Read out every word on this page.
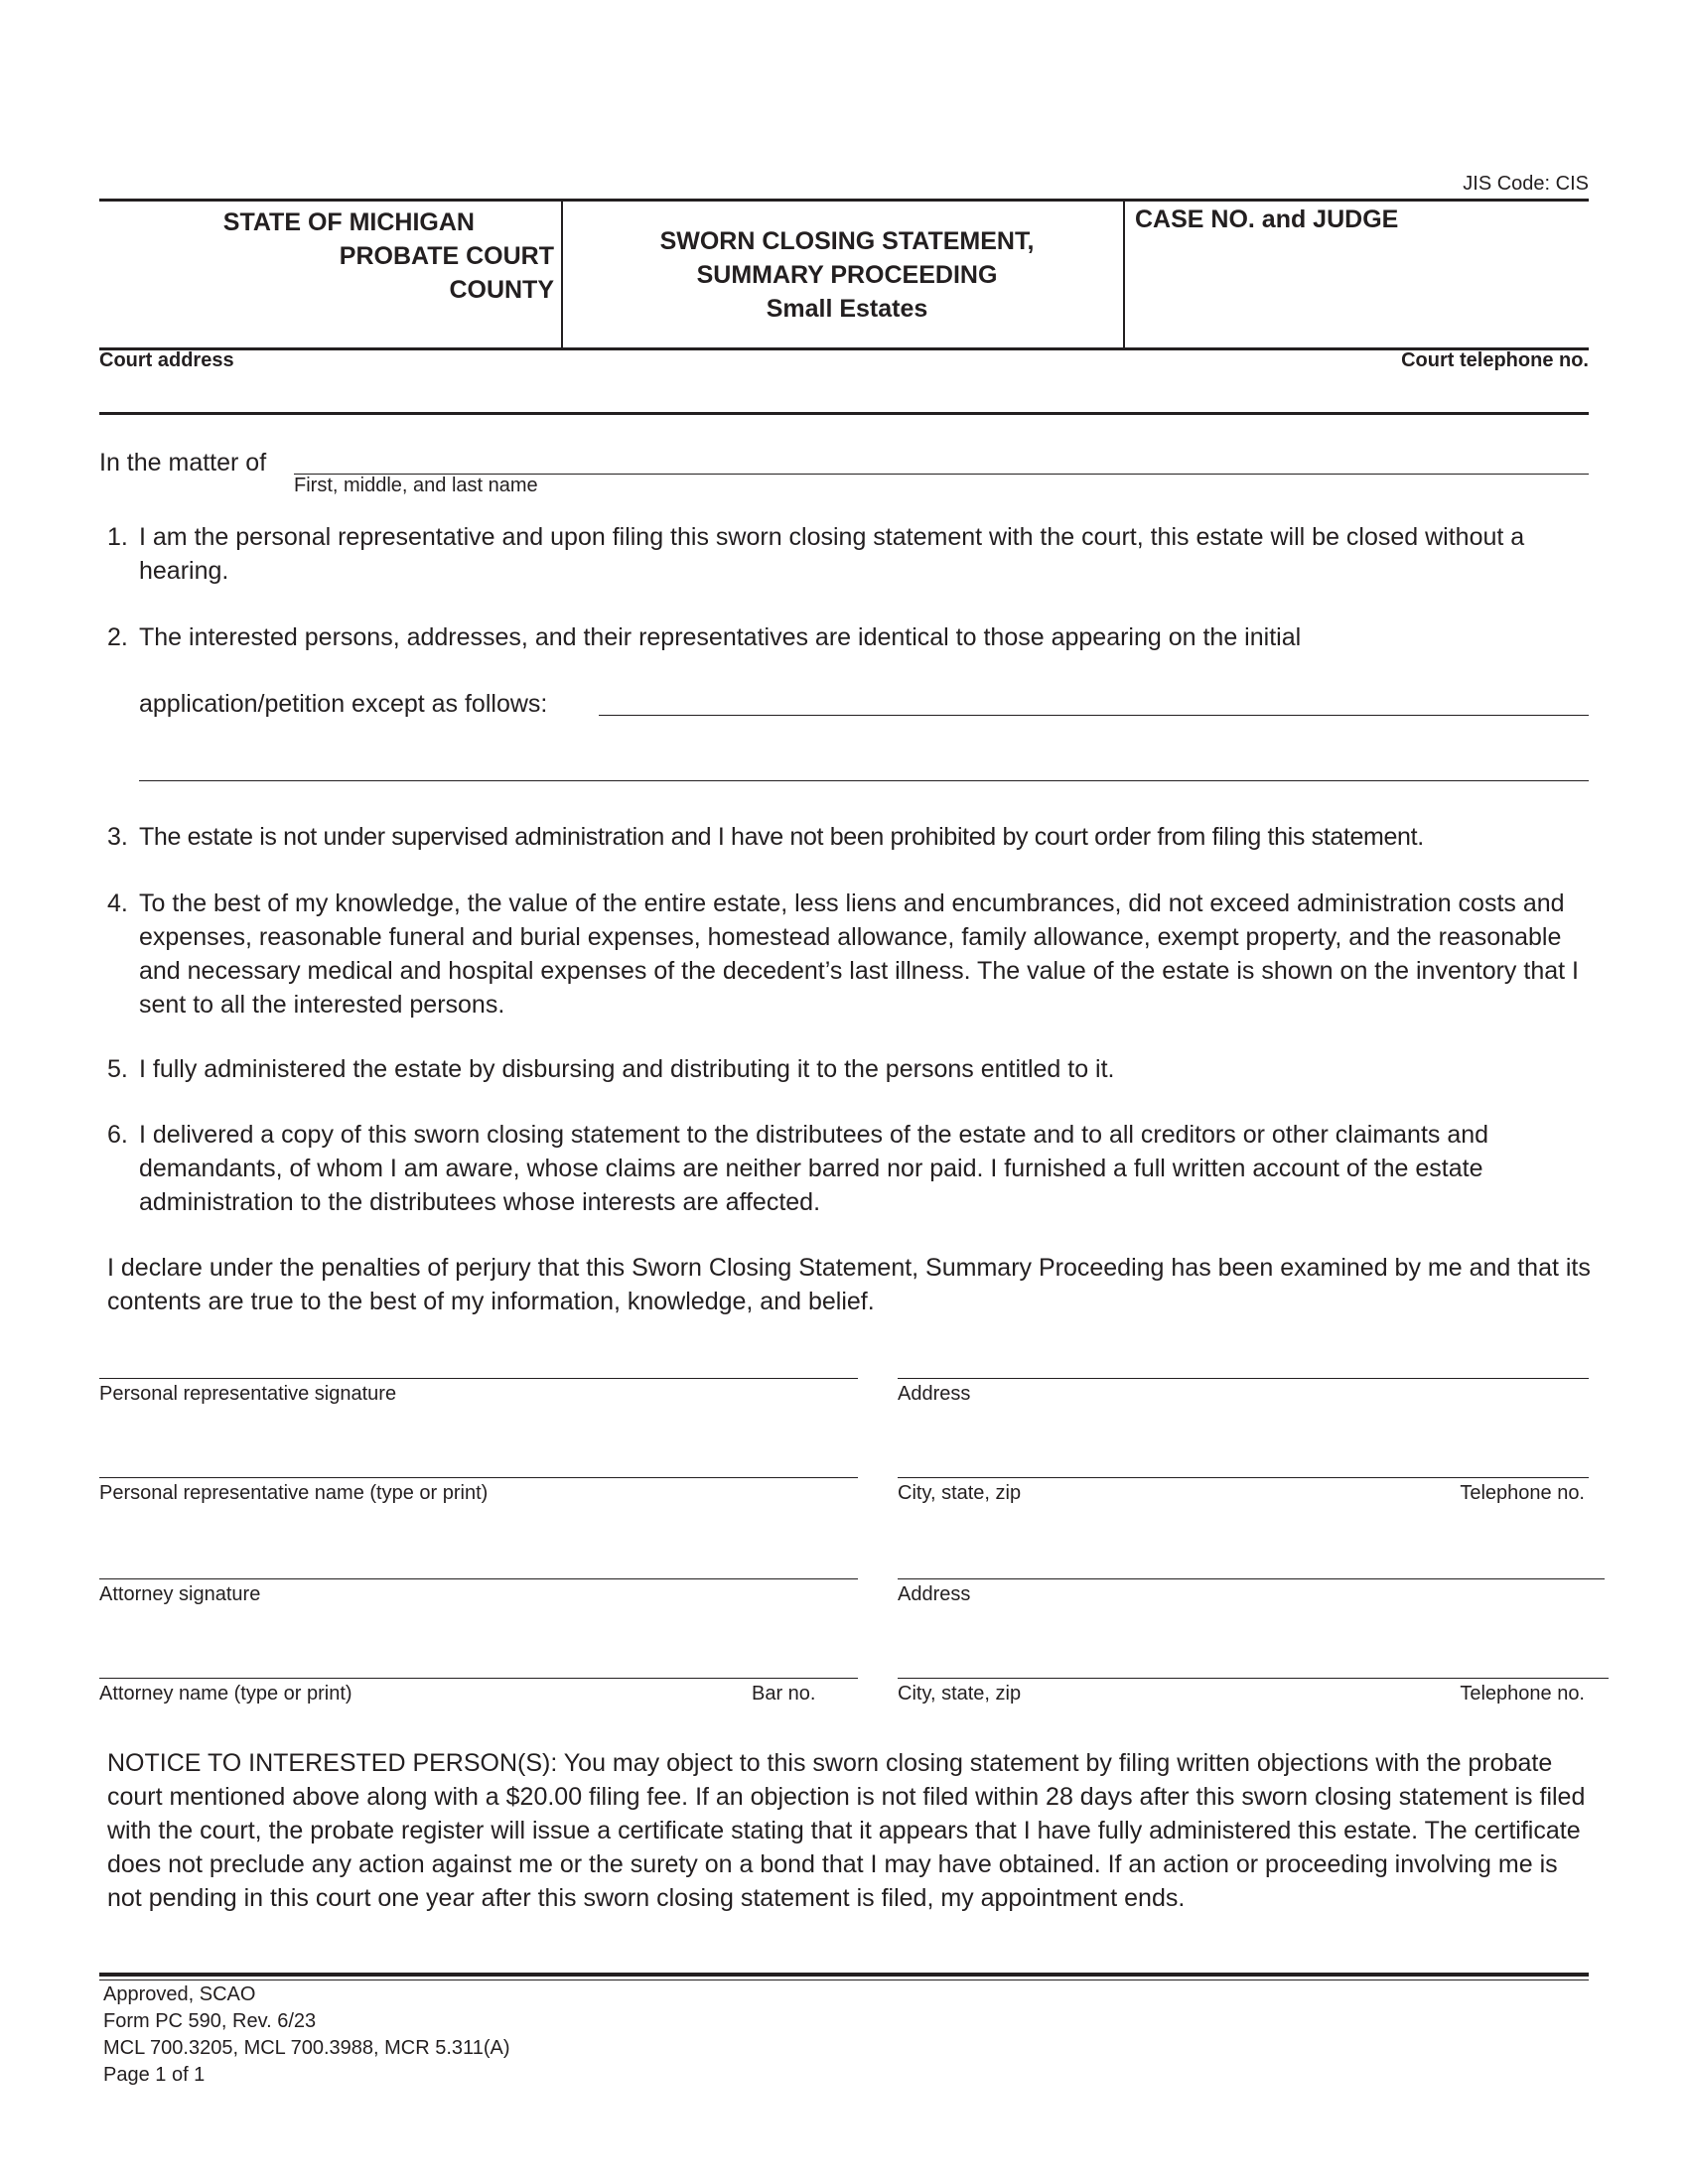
JIS Code: CIS
STATE OF MICHIGAN
PROBATE COURT
COUNTY
SWORN CLOSING STATEMENT,
SUMMARY PROCEEDING
Small Estates
CASE NO. and JUDGE
Court address	Court telephone no.
In the matter of
First, middle, and last name
1. I am the personal representative and upon filing this sworn closing statement with the court, this estate will be closed without a hearing.
2. The interested persons, addresses, and their representatives are identical to those appearing on the initial
application/petition except as follows:
3. The estate is not under supervised administration and I have not been prohibited by court order from filing this statement.
4. To the best of my knowledge, the value of the entire estate, less liens and encumbrances, did not exceed administration costs and expenses, reasonable funeral and burial expenses, homestead allowance, family allowance, exempt property, and the reasonable and necessary medical and hospital expenses of the decedent’s last illness. The value of the estate is shown on the inventory that I sent to all the interested persons.
5. I fully administered the estate by disbursing and distributing it to the persons entitled to it.
6. I delivered a copy of this sworn closing statement to the distributees of the estate and to all creditors or other claimants and demandants, of whom I am aware, whose claims are neither barred nor paid. I furnished a full written account of the estate administration to the distributees whose interests are affected.
I declare under the penalties of perjury that this Sworn Closing Statement, Summary Proceeding has been examined by me and that its contents are true to the best of my information, knowledge, and belief.
Personal representative signature	Address
Personal representative name (type or print)	City, state, zip	Telephone no.
Attorney signature	Address
Attorney name (type or print)	Bar no.	City, state, zip	Telephone no.
NOTICE TO INTERESTED PERSON(S): You may object to this sworn closing statement by filing written objections with the probate court mentioned above along with a $20.00 filing fee. If an objection is not filed within 28 days after this sworn closing statement is filed with the court, the probate register will issue a certificate stating that it appears that I have fully administered this estate. The certificate does not preclude any action against me or the surety on a bond that I may have obtained. If an action or proceeding involving me is not pending in this court one year after this sworn closing statement is filed, my appointment ends.
Approved, SCAO
Form PC 590, Rev. 6/23
MCL 700.3205, MCL 700.3988, MCR 5.311(A)
Page 1 of 1
